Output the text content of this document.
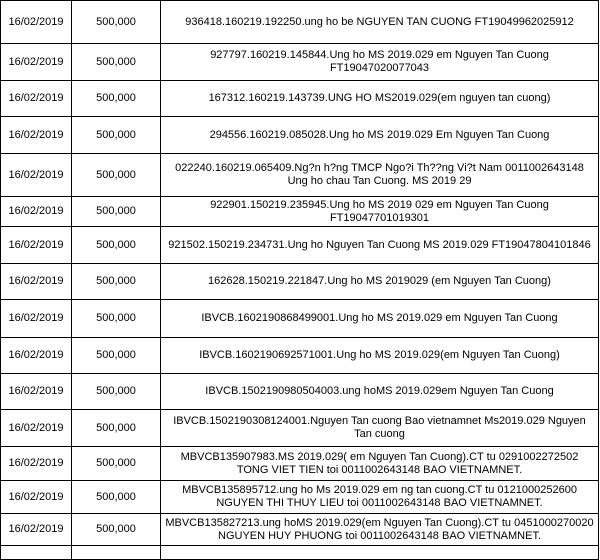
16/02/2019	500,000	936418.160219.192250.ung ho be NGUYEN TAN CUONG FT19049962025912
16/02/2019	500,000	927797.160219.145844.Ung ho MS 2019.029 em Nguyen Tan Cuong FT19047020077043
16/02/2019	500,000	167312.160219.143739.UNG HO MS2019.029(em nguyen tan cuong)
16/02/2019	500,000	294556.160219.085028.Ung ho MS 2019.029 Em Nguyen Tan Cuong
16/02/2019	500,000	022240.160219.065409.Ng?n h?ng TMCP Ngo?i Th??ng Vi?t Nam 0011002643148 Ung ho chau Tan Cuong. MS 2019 29
16/02/2019	500,000	922901.150219.235945.Ung ho MS 2019 029 em Nguyen Tan Cuong FT19047701019301
16/02/2019	500,000	921502.150219.234731.Ung ho Nguyen Tan Cuong MS 2019.029 FT19047804101846
16/02/2019	500,000	162628.150219.221847.Ung ho MS 2019029 (em Nguyen Tan Cuong)
16/02/2019	500,000	IBVCB.1602190868499001.Ung ho MS 2019.029 em Nguyen Tan Cuong
16/02/2019	500,000	IBVCB.1602190692571001.Ung ho MS 2019.029(em Nguyen Tan Cuong)
16/02/2019	500,000	IBVCB.1502190980504003.ung hoMS 2019.029em Nguyen Tan Cuong
16/02/2019	500,000	IBVCB.1502190308124001.Nguyen Tan cuong Bao vietnamnet Ms2019.029 Nguyen Tan cuong
16/02/2019	500,000	MBVCB135907983.MS 2019.029( em Nguyen Tan Cuong).CT tu 0291002272502 TONG VIET TIEN toi 0011002643148 BAO VIETNAMNET.
16/02/2019	500,000	MBVCB135895712.ung ho Ms 2019.029 em ng tan cuong.CT tu 0121000252600 NGUYEN THI THUY LIEU toi 0011002643148 BAO VIETNAMNET.
16/02/2019	500,000	MBVCB135827213.ung hoMS 2019.029(em Nguyen Tan Cuong).CT tu 0451000270020 NGUYEN HUY PHUONG toi 0011002643148 BAO VIETNAMNET.
